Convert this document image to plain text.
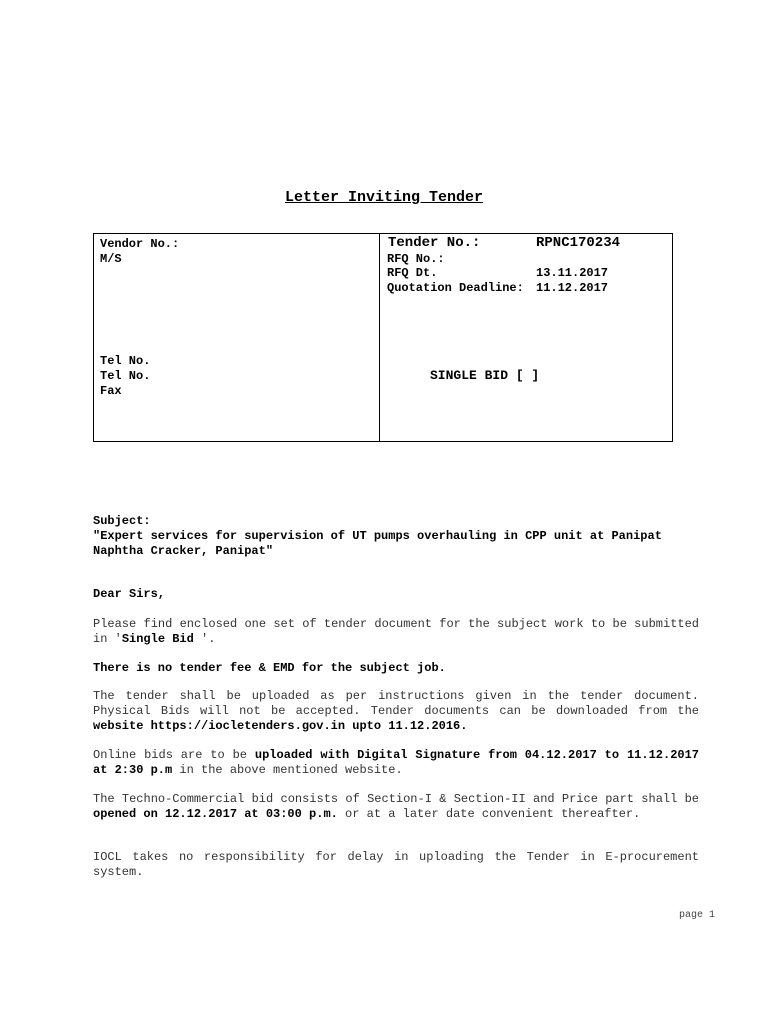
Letter Inviting Tender
Vendor No.:
M/S
Tel No.
Tel No.
Fax
Tender No.:	RPNC170234
RFQ No.:
RFQ Dt.	13.11.2017
Quotation Deadline: 11.12.2017
SINGLE BID [ ]
Subject:
"Expert services for supervision of UT pumps overhauling in CPP unit at Panipat Naphtha Cracker, Panipat"
Dear Sirs,
Please find enclosed one set of tender document for the subject work to be submitted in 'Single Bid '.
There is no tender fee & EMD for the subject job.
The tender shall be uploaded as per instructions given in the tender document. Physical Bids will not be accepted. Tender documents can be downloaded from the website https://iocletenders.gov.in upto 11.12.2016.
Online bids are to be uploaded with Digital Signature from 04.12.2017 to 11.12.2017 at 2:30 p.m in the above mentioned website.
The Techno-Commercial bid consists of Section-I & Section-II and Price part shall be opened on 12.12.2017 at 03:00 p.m. or at a later date convenient thereafter.
IOCL takes no responsibility for delay in uploading the Tender in E-procurement system.
page 1
